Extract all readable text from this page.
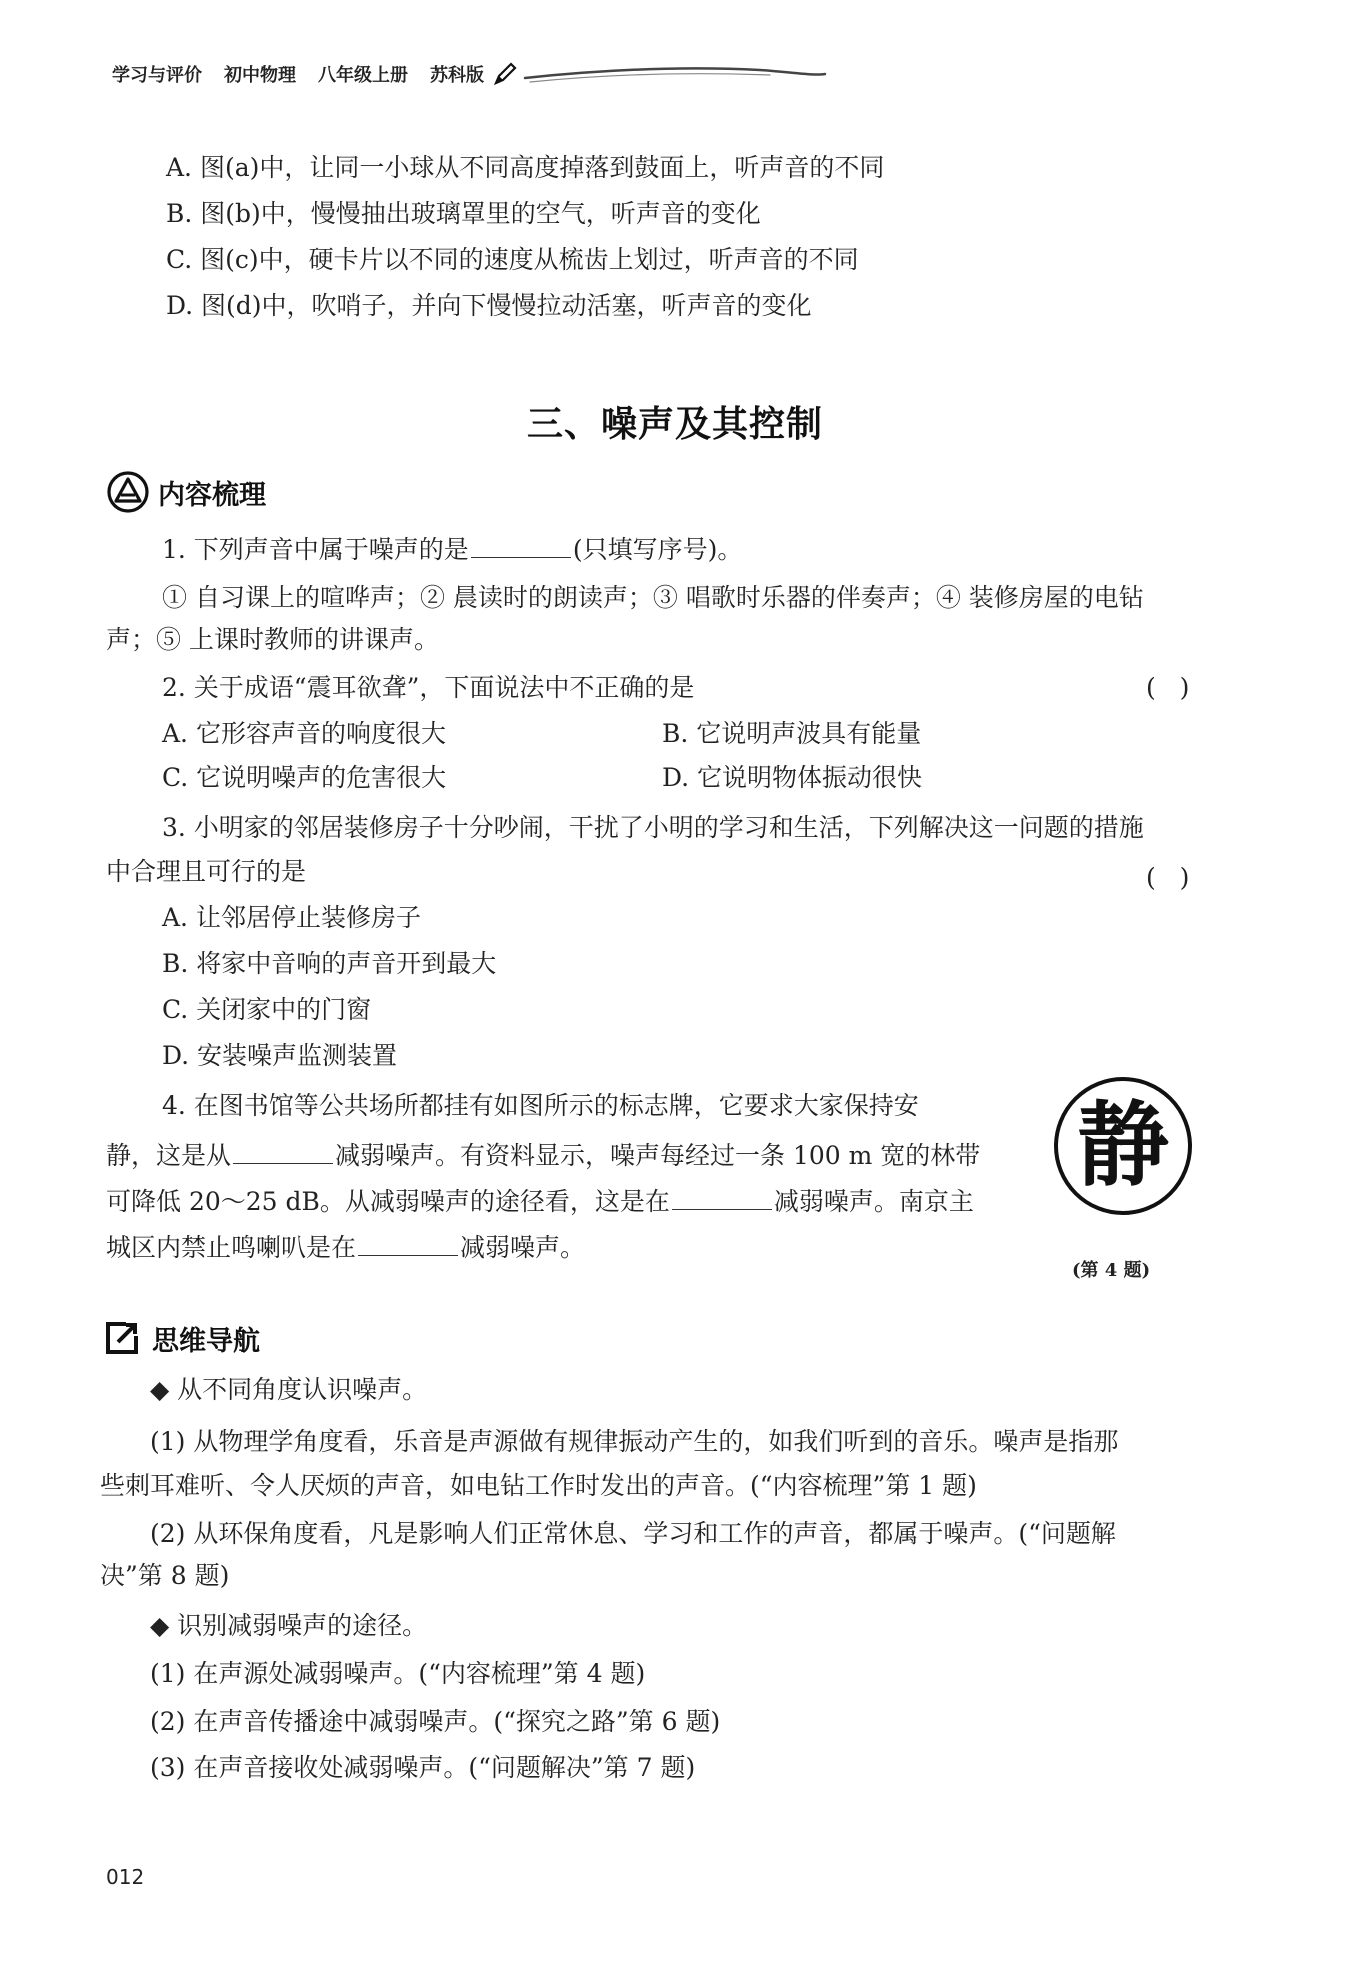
学习与评价 初中物理 八年级上册 苏科版
A. 图(a)中，让同一小球从不同高度掉落到鼓面上，听声音的不同
B. 图(b)中，慢慢抽出玻璃罩里的空气，听声音的变化
C. 图(c)中，硬卡片以不同的速度从梳齿上划过，听声音的不同
D. 图(d)中，吹哨子，并向下慢慢拉动活塞，听声音的变化
三、噪声及其控制
内容梳理
1. 下列声音中属于噪声的是	(只填写序号)。
① 自习课上的喧哗声；② 晨读时的朗读声；③ 唱歌时乐器的伴奏声；④ 装修房屋的电钻
声；⑤ 上课时教师的讲课声。
2. 关于成语“震耳欲聋”，下面说法中不正确的是	(   )
A. 它形容声音的响度很大	B. 它说明声波具有能量
C. 它说明噪声的危害很大	D. 它说明物体振动很快
3. 小明家的邻居装修房子十分吵闹，干扰了小明的学习和生活，下列解决这一问题的措施
中合理且可行的是	(   )
A. 让邻居停止装修房子
B. 将家中音响的声音开到最大
C. 关闭家中的门窗
D. 安装噪声监测装置
4. 在图书馆等公共场所都挂有如图所示的标志牌，它要求大家保持安
静，这是从	减弱噪声。有资料显示，噪声每经过一条 100 m 宽的林带
可降低 20～25 dB。从减弱噪声的途径看，这是在	减弱噪声。南京主
城区内禁止鸣喇叭是在	减弱噪声。
静
(第 4 题)
思维导航
◆ 从不同角度认识噪声。
(1) 从物理学角度看，乐音是声源做有规律振动产生的，如我们听到的音乐。噪声是指那
些刺耳难听、令人厌烦的声音，如电钻工作时发出的声音。(“内容梳理”第 1 题)
(2) 从环保角度看，凡是影响人们正常休息、学习和工作的声音，都属于噪声。(“问题解
决”第 8 题)
◆ 识别减弱噪声的途径。
(1) 在声源处减弱噪声。(“内容梳理”第 4 题)
(2) 在声音传播途中减弱噪声。(“探究之路”第 6 题)
(3) 在声音接收处减弱噪声。(“问题解决”第 7 题)
012
